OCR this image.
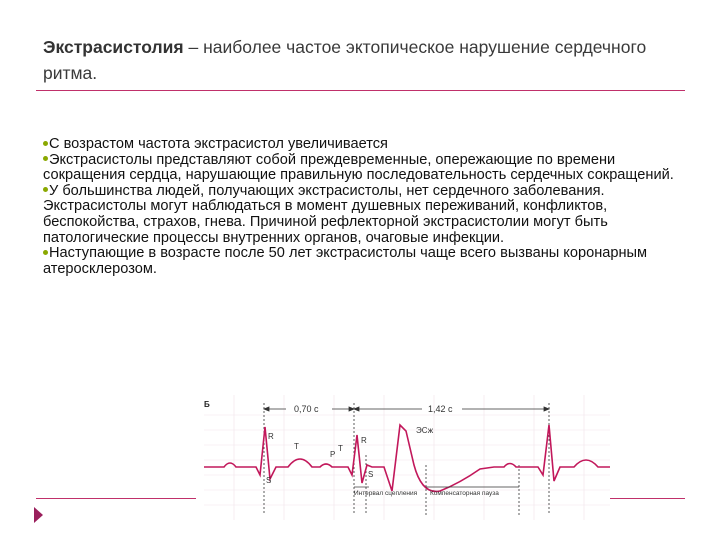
Экстрасистолия – наиболее частое эктопическое нарушение сердечного ритма.

С возрастом частота экстрасистол увеличивается

Экстрасистолы представляют собой преждевременные, опережающие по времени сокращения сердца, нарушающие правильную последовательность сердечных сокращений.

У большинства людей, получающих экстрасистолы, нет сердечного заболевания. Экстрасистолы могут наблюдаться в момент душевных переживаний, конфликтов, беспокойства, страхов, гнева. Причиной рефлекторной экстрасистолии могут быть патологические процессы внутренних органов, очаговые инфекции.

Наступающие в возрасте после 50 лет экстрасистолы чаще всего вызваны коронарным атеросклерозом.

Б	0,70 с	1,42 с
R
T
P
S
R
T
S
ЭСж
Интервал сцепления Компенсаторная пауза
